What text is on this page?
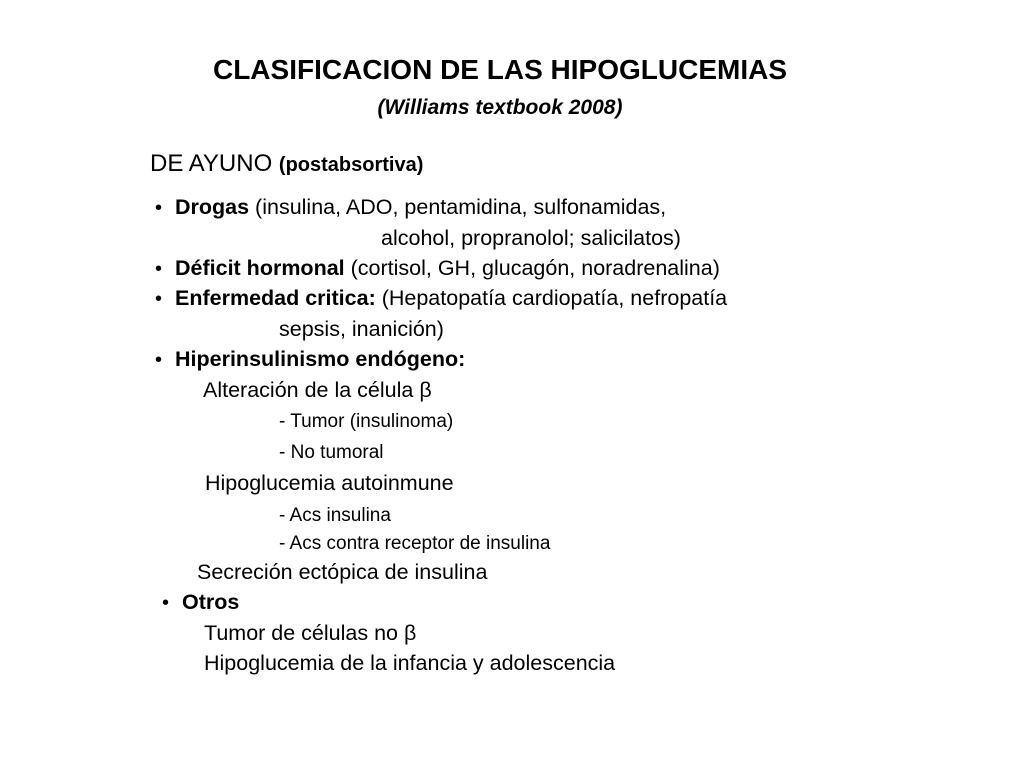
CLASIFICACION DE LAS HIPOGLUCEMIAS
(Williams textbook 2008)
DE AYUNO (postabsortiva)
• Drogas (insulina, ADO, pentamidina, sulfonamidas,
alcohol, propranolol; salicilatos)
• Déficit hormonal (cortisol, GH, glucagón, noradrenalina)
• Enfermedad critica: (Hepatopatía cardiopatía, nefropatía
sepsis, inanición)
• Hiperinsulinismo endógeno:
Alteración de la célula β
- Tumor (insulinoma)
- No tumoral
Hipoglucemia autoinmune
- Acs insulina
- Acs contra receptor de insulina
Secreción ectópica de insulina
• Otros
Tumor de células no β
Hipoglucemia de la infancia y adolescencia
